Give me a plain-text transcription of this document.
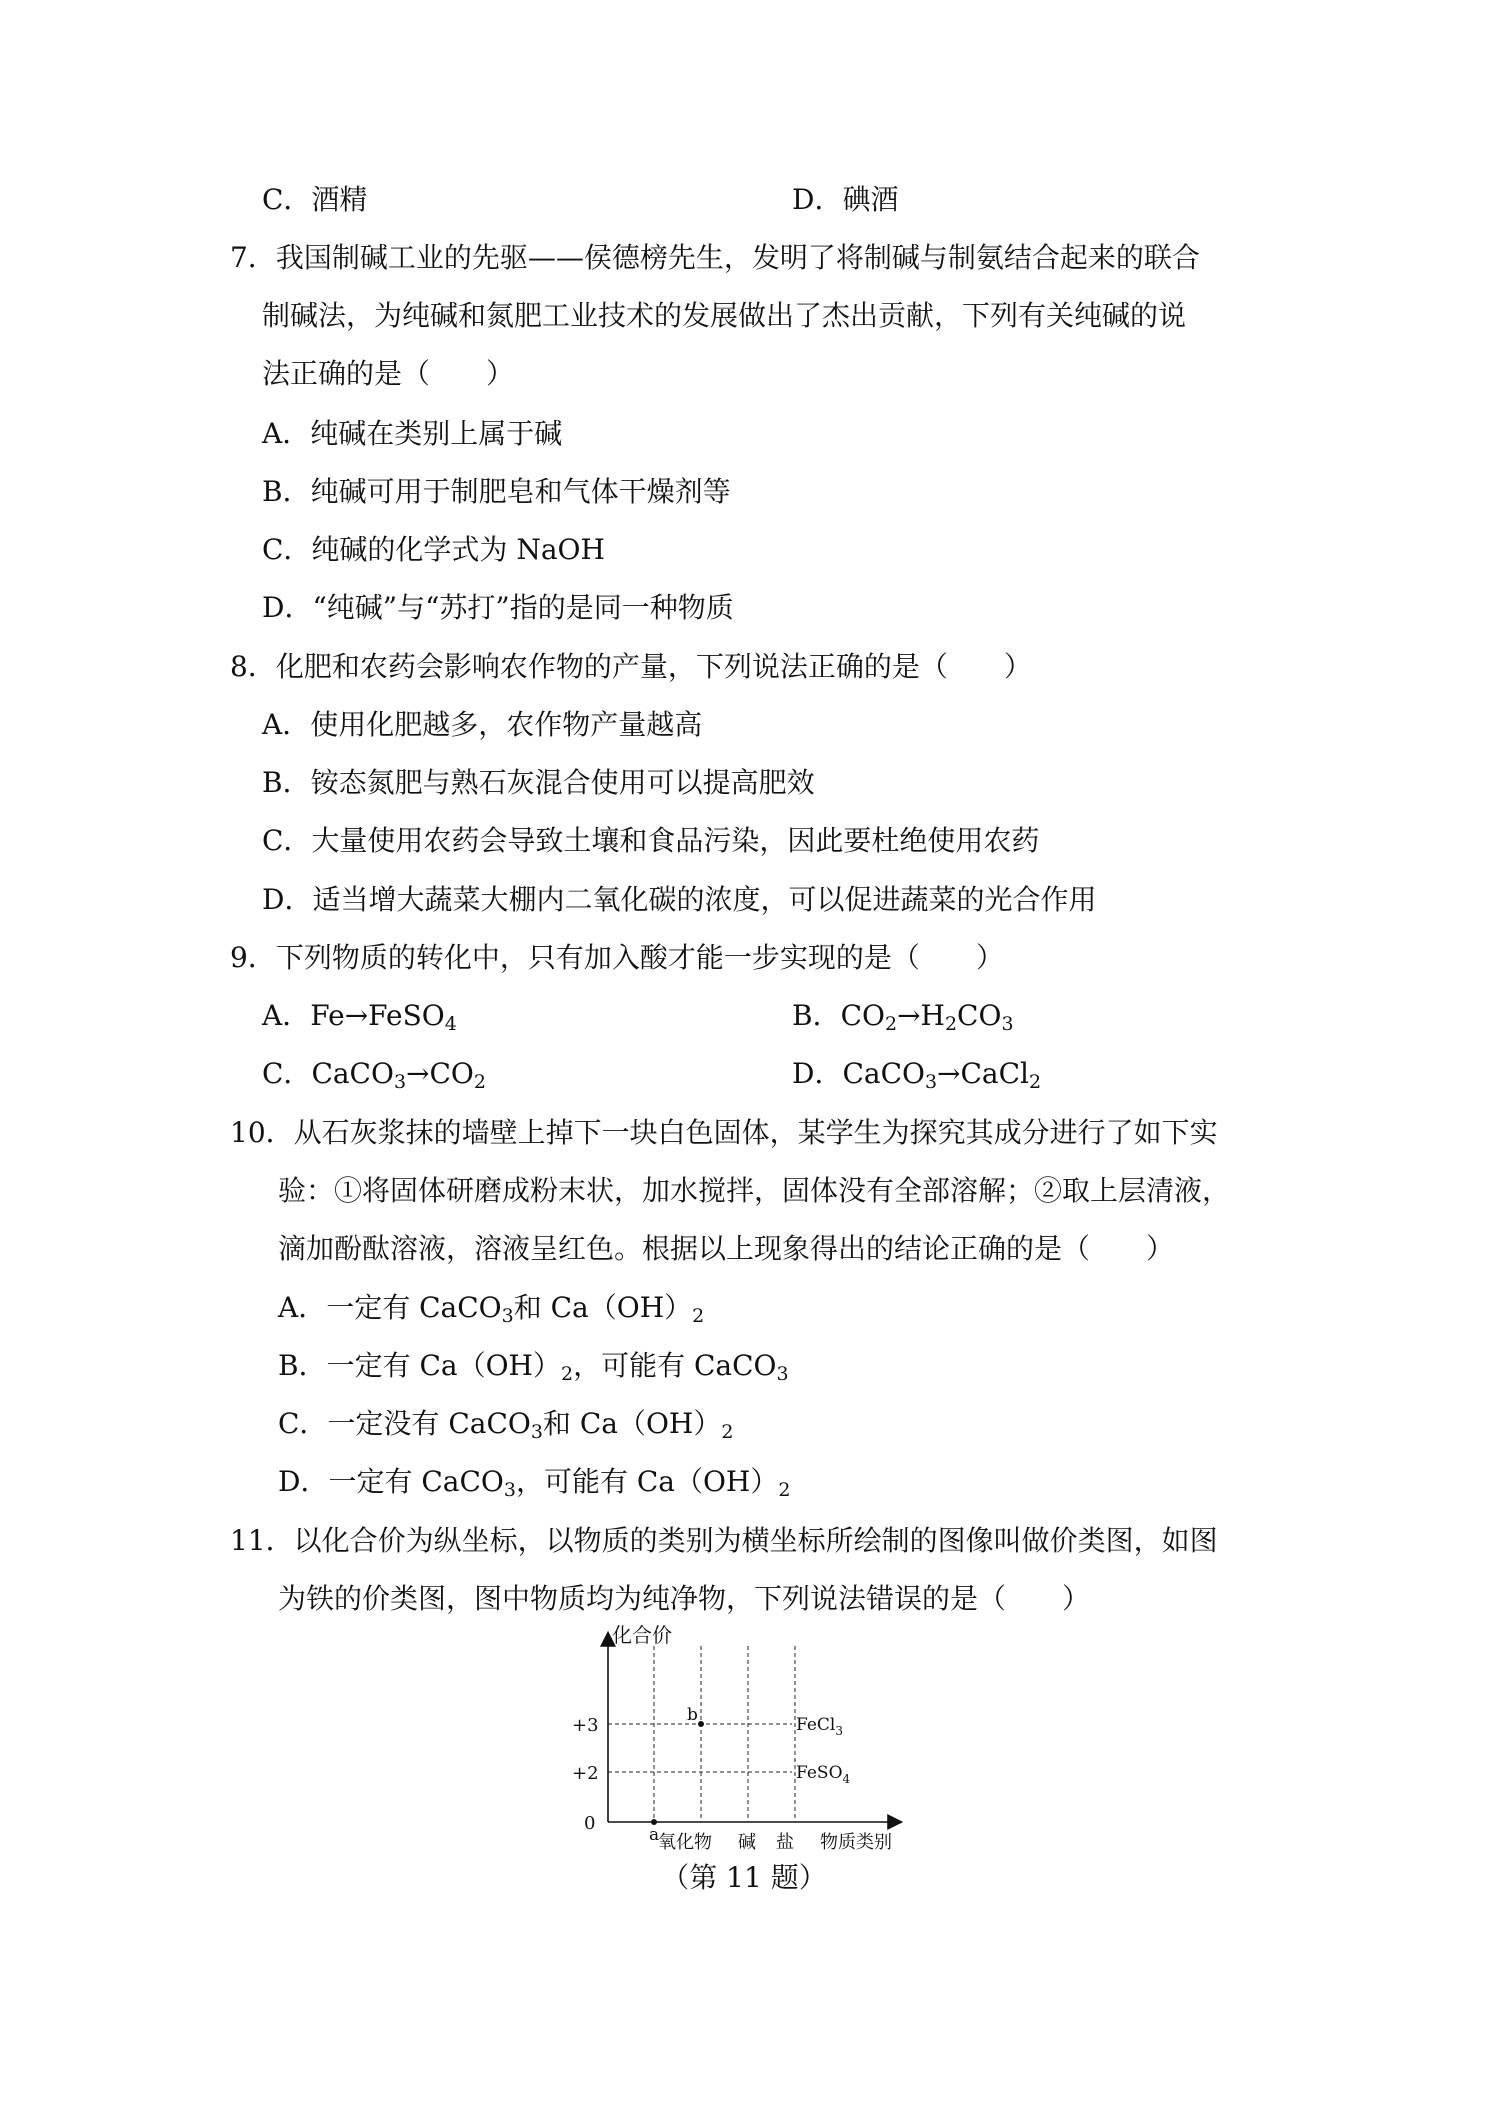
C．酒精	D．碘酒
7．我国制碱工业的先驱——侯德榜先生，发明了将制碱与制氨结合起来的联合
制碱法，为纯碱和氮肥工业技术的发展做出了杰出贡献，下列有关纯碱的说
法正确的是（　　）
A．纯碱在类别上属于碱
B．纯碱可用于制肥皂和气体干燥剂等
C．纯碱的化学式为 NaOH
D．“纯碱”与“苏打”指的是同一种物质
8．化肥和农药会影响农作物的产量，下列说法正确的是（　　）
A．使用化肥越多，农作物产量越高
B．铵态氮肥与熟石灰混合使用可以提高肥效
C．大量使用农药会导致土壤和食品污染，因此要杜绝使用农药
D．适当增大蔬菜大棚内二氧化碳的浓度，可以促进蔬菜的光合作用
9．下列物质的转化中，只有加入酸才能一步实现的是（　　）
A．Fe→FeSO$_4$	B．$CO_2\to H_2CO_3$
C．$CaCO_3\to CO_2$	D．CaCO$_3$→CaCl$_2$
10．从石灰浆抹的墙壁上掉下一块白色固体，某学生为探究其成分进行了如下实
验：①将固体研磨成粉末状，加水搅拌，固体没有全部溶解；②取上层清液，
滴加酚酞溶液，溶液呈红色。根据以上现象得出的结论正确的是（　　）
A．一定有 CaCO$_3$和 $Ca(OH)_2$
B．一定有 $Ca(OH)_2$，可能有 CaCO$_3$
C．一定没有 CaCO$_3$和 $Ca(OH)_2$
D．一定有 CaCO$_3$，可能有 $Ca(OH)_2$
11．以化合价为纵坐标，以物质的类别为横坐标所绘制的图像叫做价类图，如图
为铁的价类图，图中物质均为纯净物，下列说法错误的是（　　）
化合价
+3
+2
0
a
b	FeCl$_3$
FeSO$_4$
氧化物 碱 盐 物质类别
（第 11 题）
